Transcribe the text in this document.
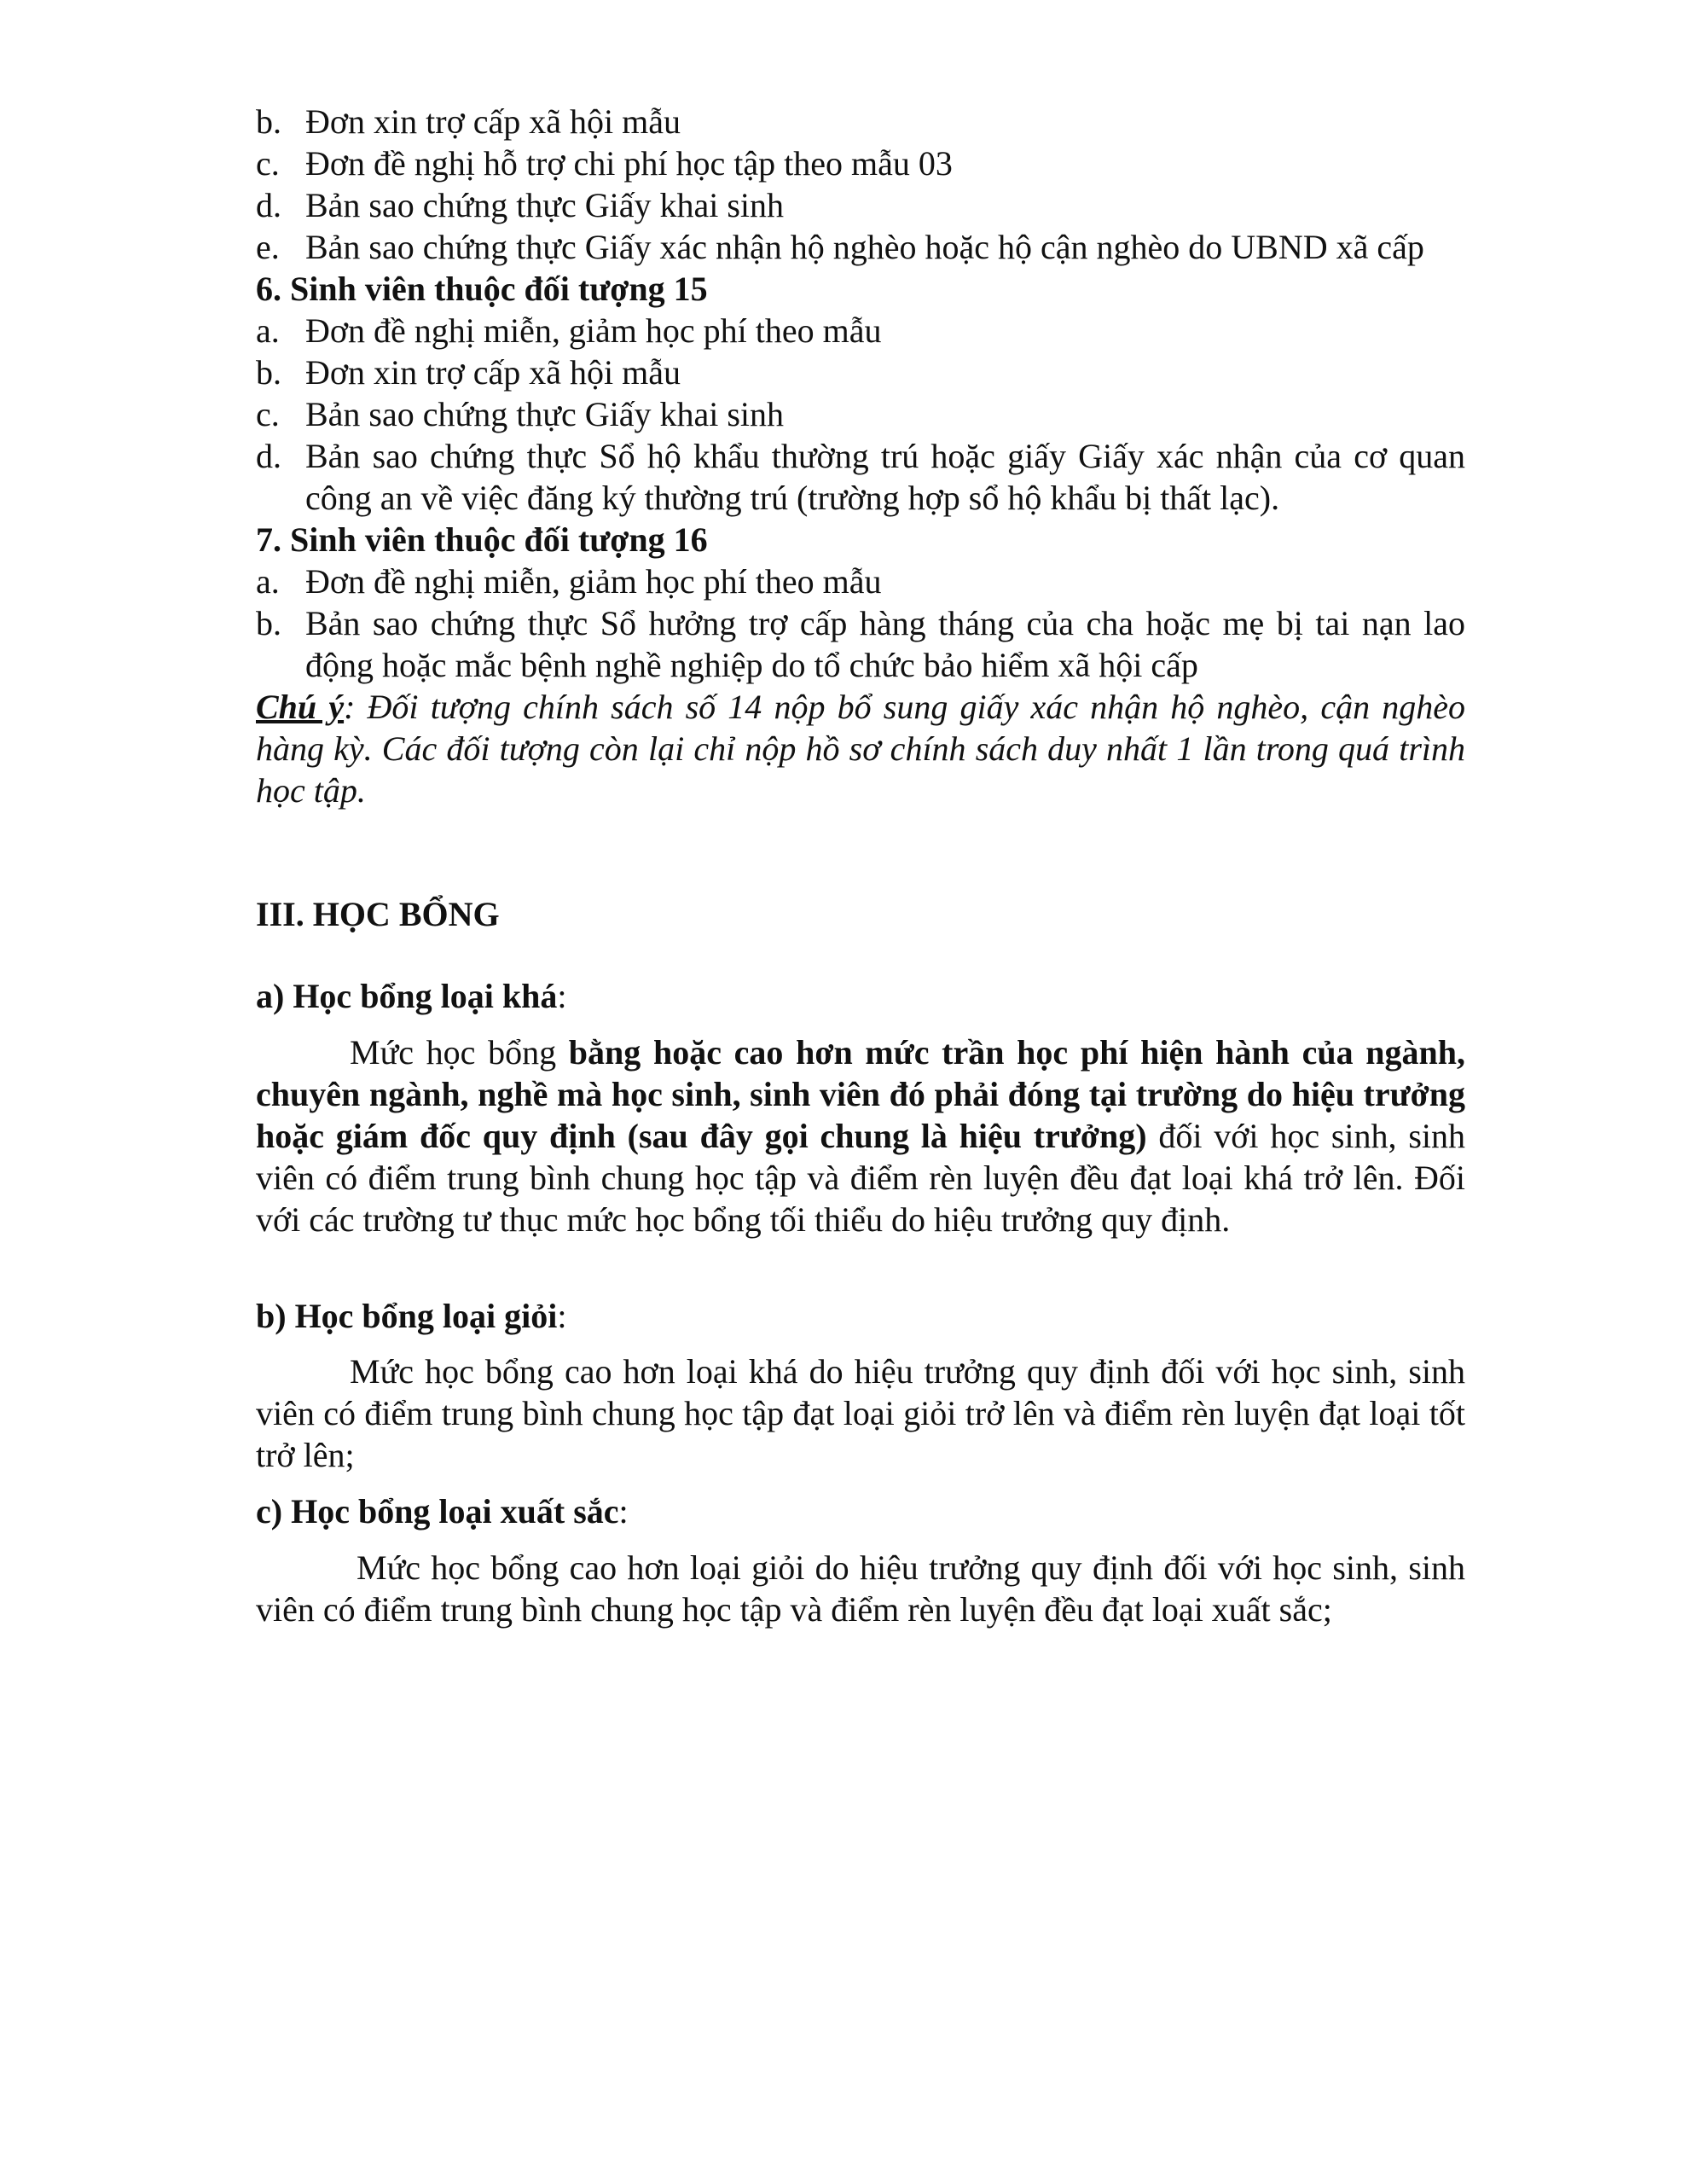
b. Đơn xin trợ cấp xã hội mẫu
c. Đơn đề nghị hỗ trợ chi phí học tập theo mẫu 03
d. Bản sao chứng thực Giấy khai sinh
e. Bản sao chứng thực Giấy xác nhận hộ nghèo hoặc hộ cận nghèo do UBND xã cấp
6. Sinh viên thuộc đối tượng 15
a. Đơn đề nghị miễn, giảm học phí theo mẫu
b. Đơn xin trợ cấp xã hội mẫu
c. Bản sao chứng thực Giấy khai sinh
d. Bản sao chứng thực Sổ hộ khẩu thường trú hoặc giấy Giấy xác nhận của cơ quan công an về việc đăng ký thường trú (trường hợp sổ hộ khẩu bị thất lạc).
7. Sinh viên thuộc đối tượng 16
a. Đơn đề nghị miễn, giảm học phí theo mẫu
b. Bản sao chứng thực Sổ hưởng trợ cấp hàng tháng của cha hoặc mẹ bị tai nạn lao động hoặc mắc bệnh nghề nghiệp do tổ chức bảo hiểm xã hội cấp
Chú ý: Đối tượng chính sách số 14 nộp bổ sung giấy xác nhận hộ nghèo, cận nghèo hàng kỳ. Các đối tượng còn lại chỉ nộp hồ sơ chính sách duy nhất 1 lần trong quá trình học tập.
III. HỌC BỔNG
a) Học bổng loại khá:
Mức học bổng bằng hoặc cao hơn mức trần học phí hiện hành của ngành, chuyên ngành, nghề mà học sinh, sinh viên đó phải đóng tại trường do hiệu trưởng hoặc giám đốc quy định (sau đây gọi chung là hiệu trưởng) đối với học sinh, sinh viên có điểm trung bình chung học tập và điểm rèn luyện đều đạt loại khá trở lên. Đối với các trường tư thục mức học bổng tối thiểu do hiệu trưởng quy định.
b) Học bổng loại giỏi:
Mức học bổng cao hơn loại khá do hiệu trưởng quy định đối với học sinh, sinh viên có điểm trung bình chung học tập đạt loại giỏi trở lên và điểm rèn luyện đạt loại tốt trở lên;
c) Học bổng loại xuất sắc:
Mức học bổng cao hơn loại giỏi do hiệu trưởng quy định đối với học sinh, sinh viên có điểm trung bình chung học tập và điểm rèn luyện đều đạt loại xuất sắc;
